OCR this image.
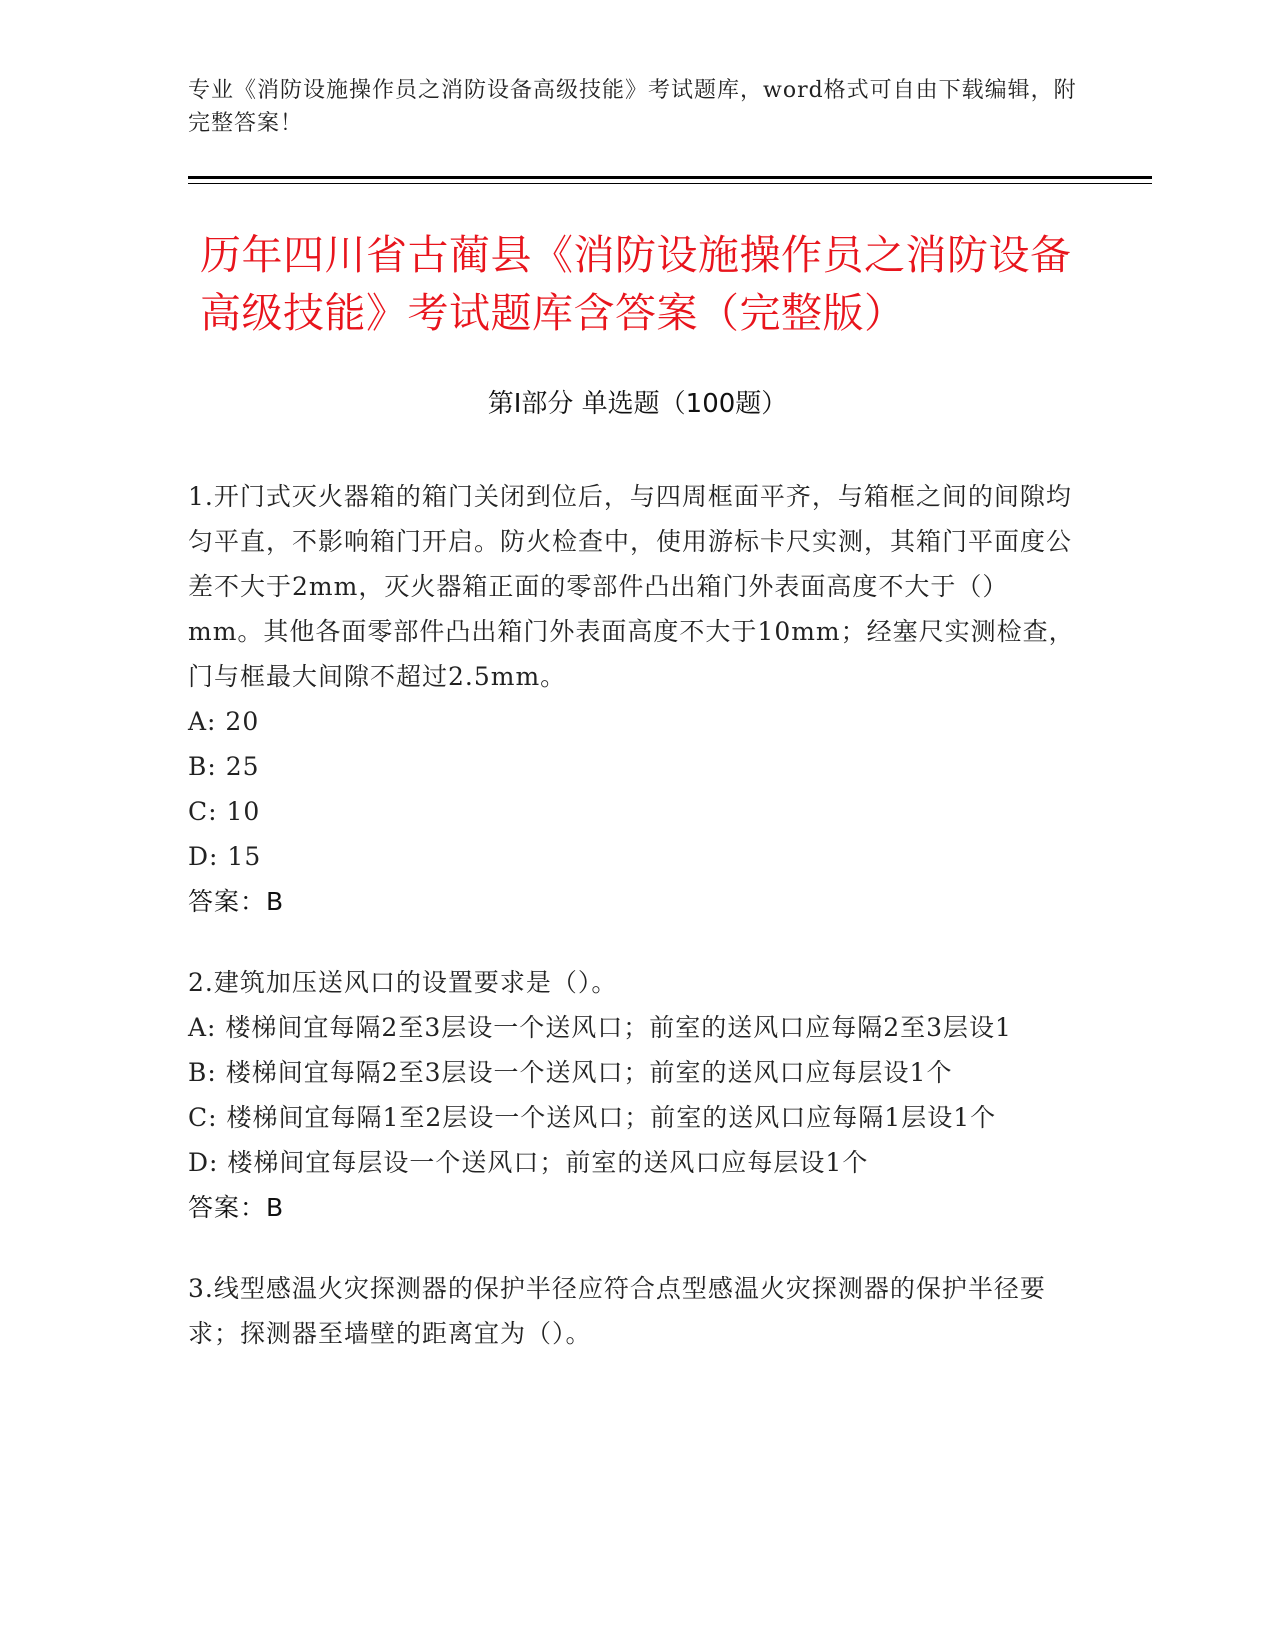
专业《消防设施操作员之消防设备高级技能》考试题库，word格式可自由下载编辑，附完整答案！
历年四川省古蔺县《消防设施操作员之消防设备高级技能》考试题库含答案（完整版）
第I部分 单选题（100题）

1.开门式灭火器箱的箱门关闭到位后，与四周框面平齐，与箱框之间的间隙均匀平直，不影响箱门开启。防火检查中，使用游标卡尺实测，其箱门平面度公差不大于2mm，灭火器箱正面的零部件凸出箱门外表面高度不大于（）mm。其他各面零部件凸出箱门外表面高度不大于10mm；经塞尺实测检查，门与框最大间隙不超过2.5mm。

A: 20

B: 25

C: 10

D: 15

答案：B

2.建筑加压送风口的设置要求是（）。

A: 楼梯间宜每隔2至3层设一个送风口；前室的送风口应每隔2至3层设1

B: 楼梯间宜每隔2至3层设一个送风口；前室的送风口应每层设1个

C: 楼梯间宜每隔1至2层设一个送风口；前室的送风口应每隔1层设1个

D: 楼梯间宜每层设一个送风口；前室的送风口应每层设1个

答案：B

3.线型感温火灾探测器的保护半径应符合点型感温火灾探测器的保护半径要求；探测器至墙壁的距离宜为（）。
